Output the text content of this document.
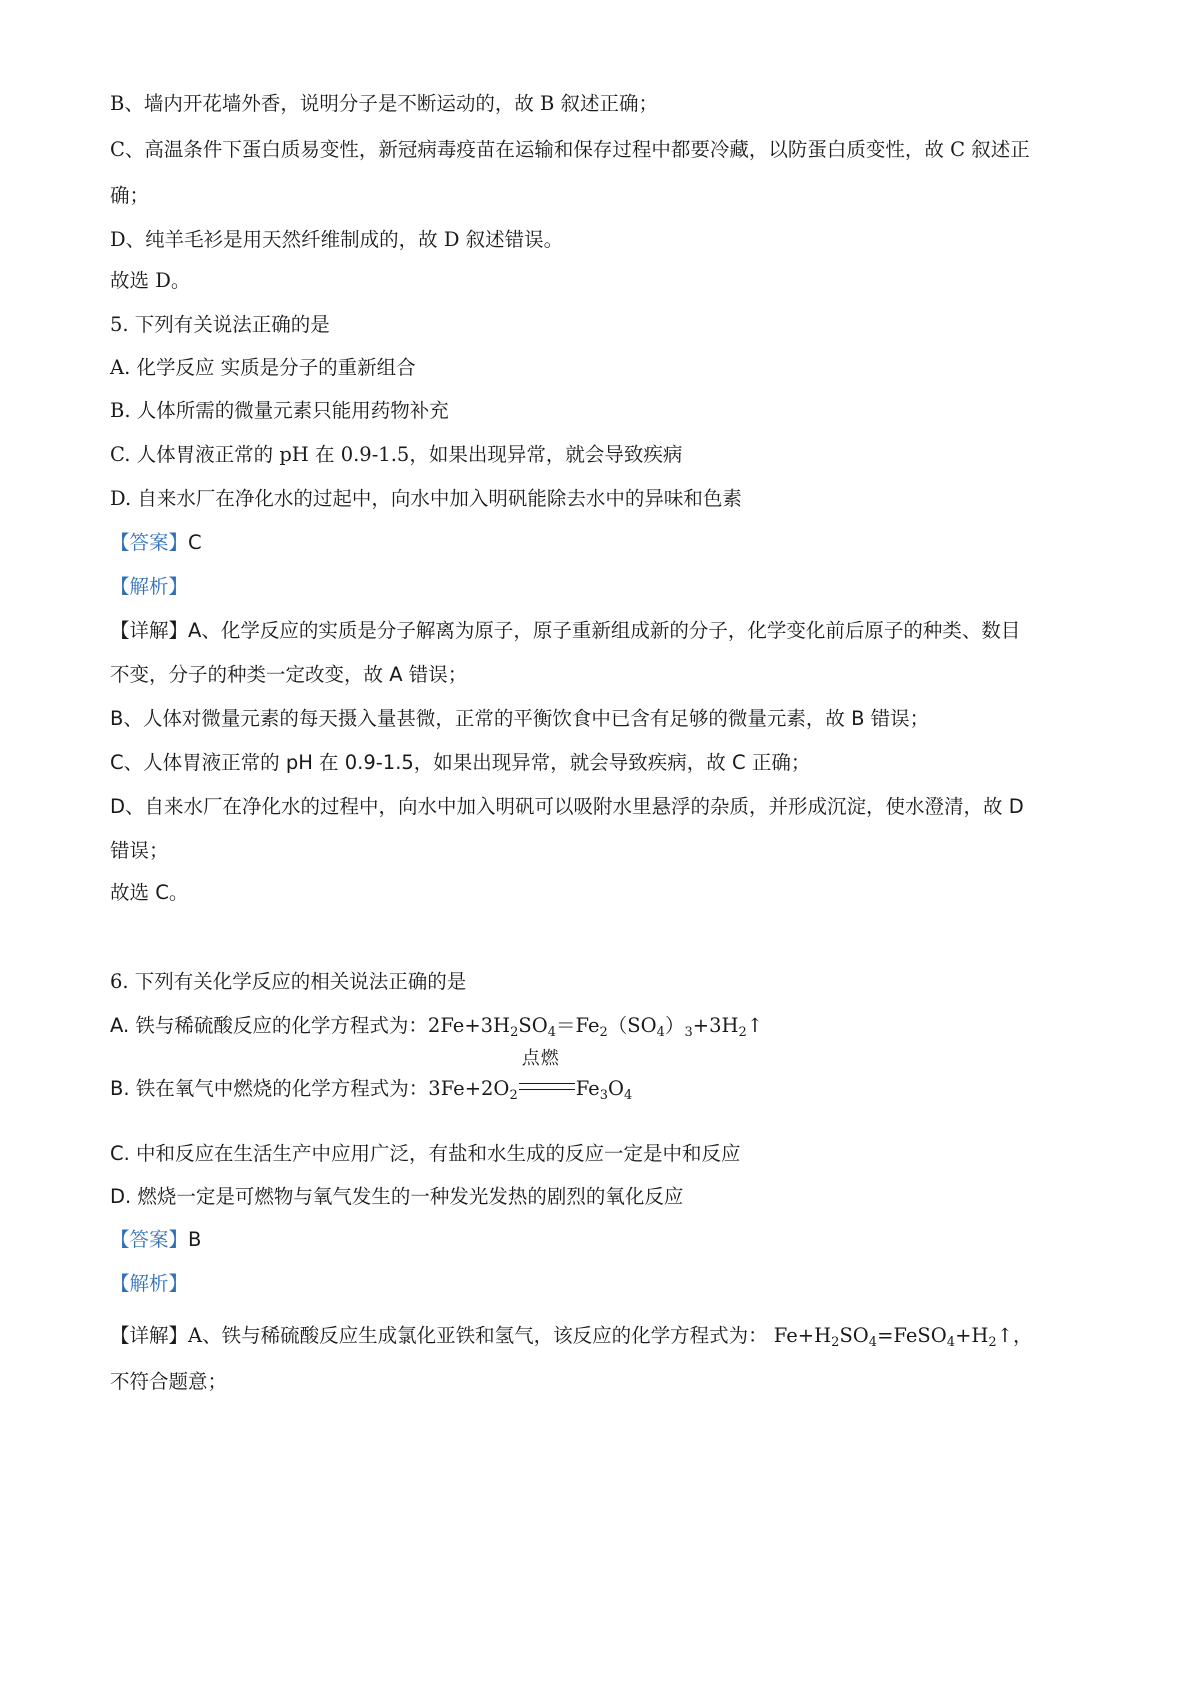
B、墙内开花墙外香，说明分子是不断运动的，故 B 叙述正确；
C、高温条件下蛋白质易变性，新冠病毒疫苗在运输和保存过程中都要冷藏，以防蛋白质变性，故 C 叙述正
确；
D、纯羊毛衫是用天然纤维制成的，故 D 叙述错误。
故选 D。
5. 下列有关说法正确的是
A. 化学反应 实质是分子的重新组合
B. 人体所需的微量元素只能用药物补充
C. 人体胃液正常的 pH 在 0.9-1.5，如果出现异常，就会导致疾病
D. 自来水厂在净化水的过起中，向水中加入明矾能除去水中的异味和色素
【答案】C
【解析】
【详解】A、化学反应的实质是分子解离为原子，原子重新组成新的分子，化学变化前后原子的种类、数目
不变，分子的种类一定改变，故 A 错误；
B、人体对微量元素的每天摄入量甚微，正常的平衡饮食中已含有足够的微量元素，故 B 错误；
C、人体胃液正常的 pH 在 0.9-1.5，如果出现异常，就会导致疾病，故 C 正确；
D、自来水厂在净化水的过程中，向水中加入明矾可以吸附水里悬浮的杂质，并形成沉淀，使水澄清，故 D
错误；
故选 C。
6. 下列有关化学反应的相关说法正确的是
A. 铁与稀硫酸反应的化学方程式为：$2Fe+3H_2SO_4=Fe_2(SO_4)_3+3H_2↑$
B. 铁在氧气中燃烧的化学方程式为：$3Fe+2O_2$
点燃
$Fe_3O_4$
C. 中和反应在生活生产中应用广泛，有盐和水生成的反应一定是中和反应
D. 燃烧一定是可燃物与氧气发生的一种发光发热的剧烈的氧化反应
【答案】B
【解析】
【详解】A、铁与稀硫酸反应生成氯化亚铁和氢气，该反应的化学方程式为： $Fe+H_2SO_4=FeSO_4+H_2↑$，
不符合题意；
